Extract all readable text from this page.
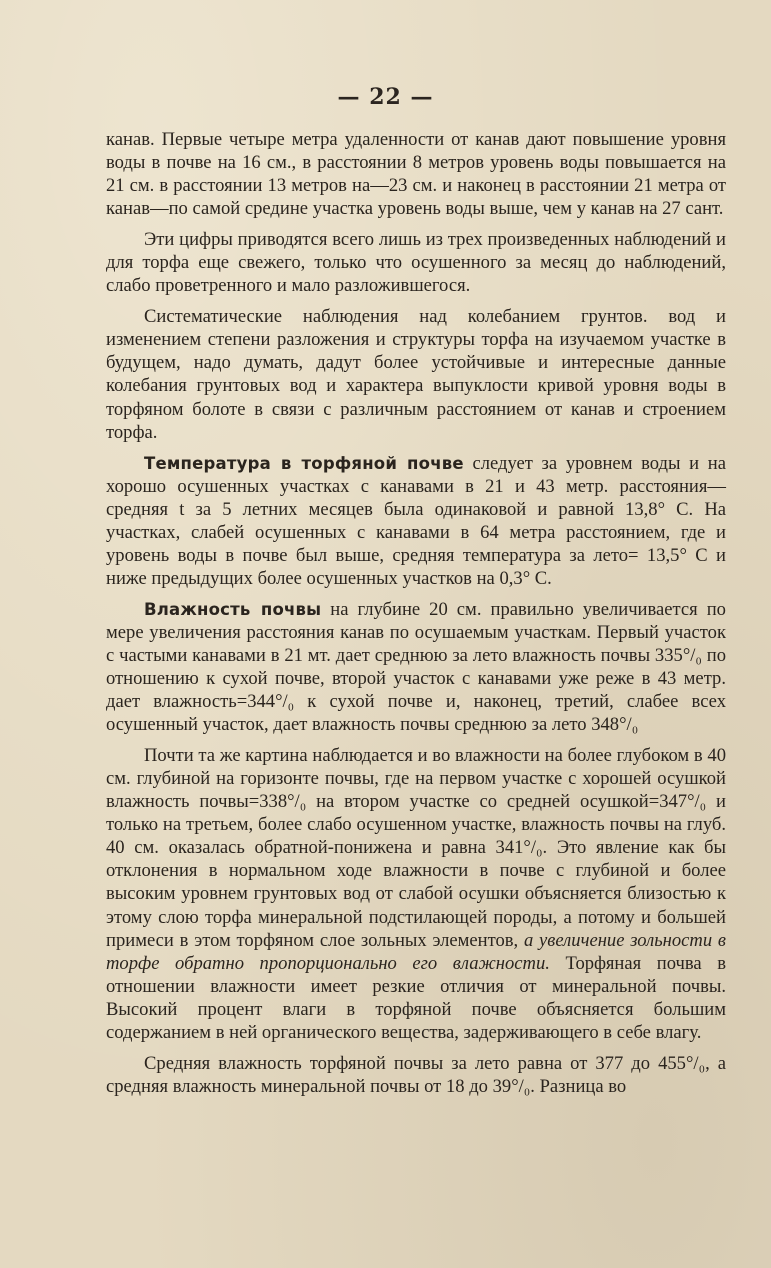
— 22 —

канав. Первые четыре метра удаленности от канав дают повышение уровня воды в почве на 16 см., в расстоянии 8 метров уровень воды повышается на 21 см. в расстоянии 13 метров на—23 см. и наконец в расстоянии 21 метра от канав—по самой средине участка уровень воды выше, чем у канав на 27 сант.

Эти цифры приводятся всего лишь из трех произведенных наблюдений и для торфа еще свежего, только что осушенного за месяц до наблюдений, слабо проветренного и мало разложившегося.

Систематические наблюдения над колебанием грунтов. вод и изменением степени разложения и структуры торфа на изучаемом участке в будущем, надо думать, дадут более устойчивые и интересные данные колебания грунтовых вод и характера выпуклости кривой уровня воды в торфяном болоте в связи с различным расстоянием от канав и строением торфа.

Температура в торфяной почве следует за уровнем воды и на хорошо осушенных участках с канавами в 21 и 43 метр. расстояния— средняя t за 5 летних месяцев была одинаковой и равной 13,8° С. На участках, слабей осушенных с канавами в 64 метра расстоянием, где и уровень воды в почве был выше, средняя температура за лето= 13,5° С и ниже предыдущих более осушенных участков на 0,3° С.

Влажность почвы на глубине 20 см. правильно увеличивается по мере увеличения расстояния канав по осушаемым участкам. Первый участок с частыми канавами в 21 мт. дает среднюю за лето влажность почвы 335°/₀ по отношению к сухой почве, второй участок с канавами уже реже в 43 метр. дает влажность=344°/₀ к сухой почве и, наконец, третий, слабее всех осушенный участок, дает влажность почвы среднюю за лето 348°/₀

Почти та же картина наблюдается и во влажности на более глубоком в 40 см. глубиной на горизонте почвы, где на первом участке с хорошей осушкой влажность почвы=338°/₀ на втором участке со средней осушкой=347°/₀ и только на третьем, более слабо осушенном участке, влажность почвы на глуб. 40 см. оказалась обратной-понижена и равна 341°/₀. Это явление как бы отклонения в нормальном ходе влажности в почве с глубиной и более высоким уровнем грунтовых вод от слабой осушки объясняется близостью к этому слою торфа минеральной подстилающей породы, а потому и большей примеси в этом торфяном слое зольных элементов, а увеличение зольности в торфе обратно пропорционально его влажности. Торфяная почва в отношении влажности имеет резкие отличия от минеральной почвы. Высокий процент влаги в торфяной почве объясняется большим содержанием в ней органического вещества, задерживающего в себе влагу.

Средняя влажность торфяной почвы за лето равна от 377 до 455°/₀, а средняя влажность минеральной почвы от 18 до 39°/₀. Разница во
